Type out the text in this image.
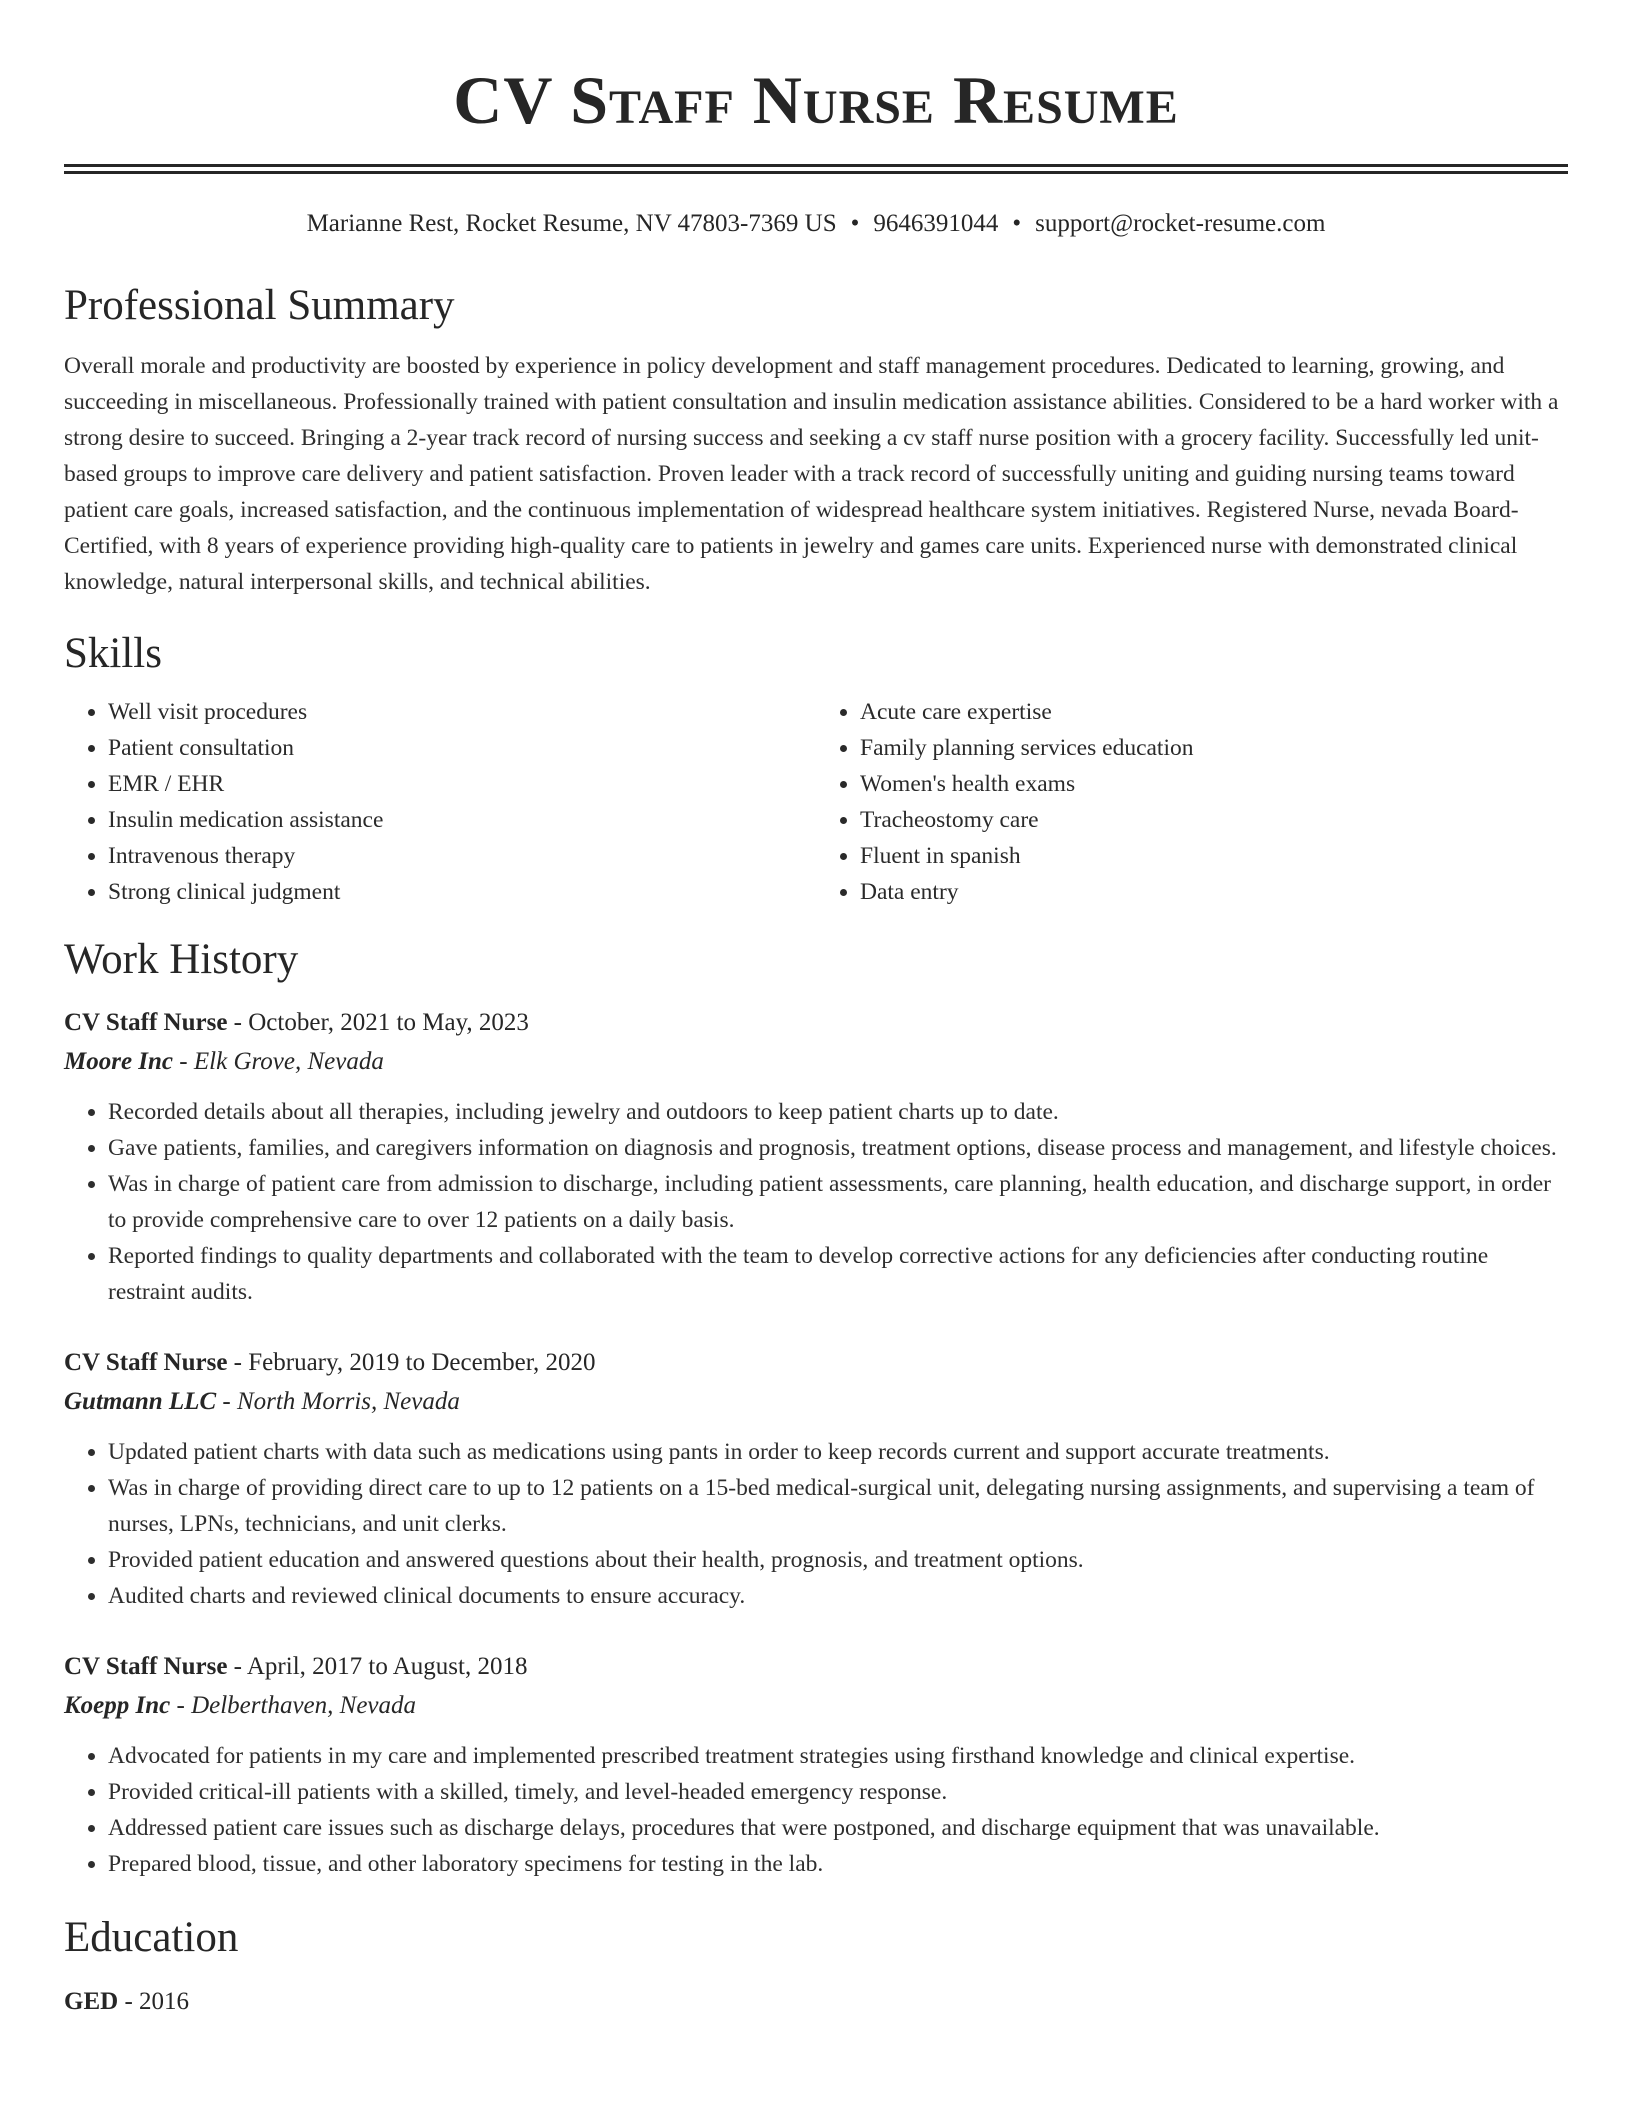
CV Staff Nurse Resume
Marianne Rest, Rocket Resume, NV 47803-7369 US • 9646391044 • support@rocket-resume.com
Professional Summary

Overall morale and productivity are boosted by experience in policy development and staff management procedures. Dedicated to learning, growing, and succeeding in miscellaneous. Professionally trained with patient consultation and insulin medication assistance abilities. Considered to be a hard worker with a strong desire to succeed. Bringing a 2-year track record of nursing success and seeking a cv staff nurse position with a grocery facility. Successfully led unit-based groups to improve care delivery and patient satisfaction. Proven leader with a track record of successfully uniting and guiding nursing teams toward patient care goals, increased satisfaction, and the continuous implementation of widespread healthcare system initiatives. Registered Nurse, nevada Board-Certified, with 8 years of experience providing high-quality care to patients in jewelry and games care units. Experienced nurse with demonstrated clinical knowledge, natural interpersonal skills, and technical abilities.

Skills
• Well visit procedures
• Patient consultation
• EMR / EHR
• Insulin medication assistance
• Intravenous therapy
• Strong clinical judgment
• Acute care expertise
• Family planning services education
• Women's health exams
• Tracheostomy care
• Fluent in spanish
• Data entry
Work History
CV Staff Nurse - October, 2021 to May, 2023
Moore Inc - Elk Grove, Nevada
• Recorded details about all therapies, including jewelry and outdoors to keep patient charts up to date.
• Gave patients, families, and caregivers information on diagnosis and prognosis, treatment options, disease process and management, and lifestyle choices.
• Was in charge of patient care from admission to discharge, including patient assessments, care planning, health education, and discharge support, in order to provide comprehensive care to over 12 patients on a daily basis.
• Reported findings to quality departments and collaborated with the team to develop corrective actions for any deficiencies after conducting routine restraint audits.
CV Staff Nurse - February, 2019 to December, 2020
Gutmann LLC - North Morris, Nevada
• Updated patient charts with data such as medications using pants in order to keep records current and support accurate treatments.
• Was in charge of providing direct care to up to 12 patients on a 15-bed medical-surgical unit, delegating nursing assignments, and supervising a team of nurses, LPNs, technicians, and unit clerks.
• Provided patient education and answered questions about their health, prognosis, and treatment options.
• Audited charts and reviewed clinical documents to ensure accuracy.
CV Staff Nurse - April, 2017 to August, 2018
Koepp Inc - Delberthaven, Nevada
• Advocated for patients in my care and implemented prescribed treatment strategies using firsthand knowledge and clinical expertise.
• Provided critical-ill patients with a skilled, timely, and level-headed emergency response.
• Addressed patient care issues such as discharge delays, procedures that were postponed, and discharge equipment that was unavailable.
• Prepared blood, tissue, and other laboratory specimens for testing in the lab.
Education
GED - 2016
